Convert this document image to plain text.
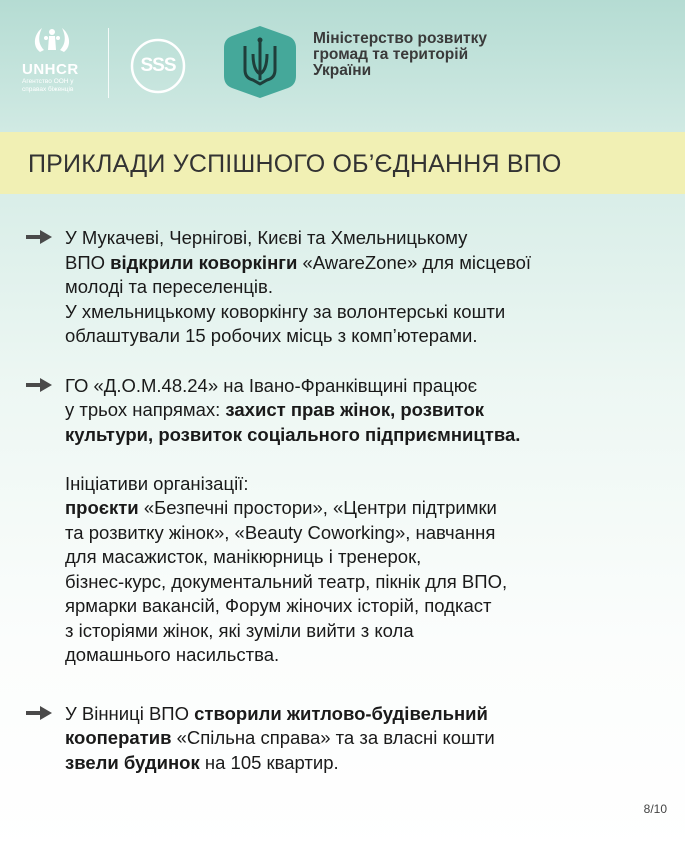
UNHCR
Агентство ООН у
справах біженців
SSS
Міністерство розвитку
громад та територій
України
ПРИКЛАДИ УСПІШНОГО ОБ’ЄДНАННЯ ВПО
У Мукачеві, Чернігові, Києві та Хмельницькому
ВПО відкрили коворкінги «AwareZone» для місцевої
молоді та переселенців.
У хмельницькому коворкінгу за волонтерські кошти
облаштували 15 робочих місць з комп’ютерами.
ГО «Д.О.М.48.24» на Івано-Франківщині працює
у трьох напрямах: захист прав жінок, розвиток
культури, розвиток соціального підприємництва.

Ініціативи організації:
проєкти «Безпечні простори», «Центри підтримки
та розвитку жінок», «Beauty Coworking», навчання
для масажисток, манікюрниць і тренерок,
бізнес-курс, документальний театр, пікнік для ВПО,
ярмарки вакансій, Форум жіночих історій, подкаст
з історіями жінок, які зуміли вийти з кола
домашнього насильства.
У Вінниці ВПО створили житлово-будівельний
кооператив «Спільна справа» та за власні кошти
звели будинок на 105 квартир.
8/10
